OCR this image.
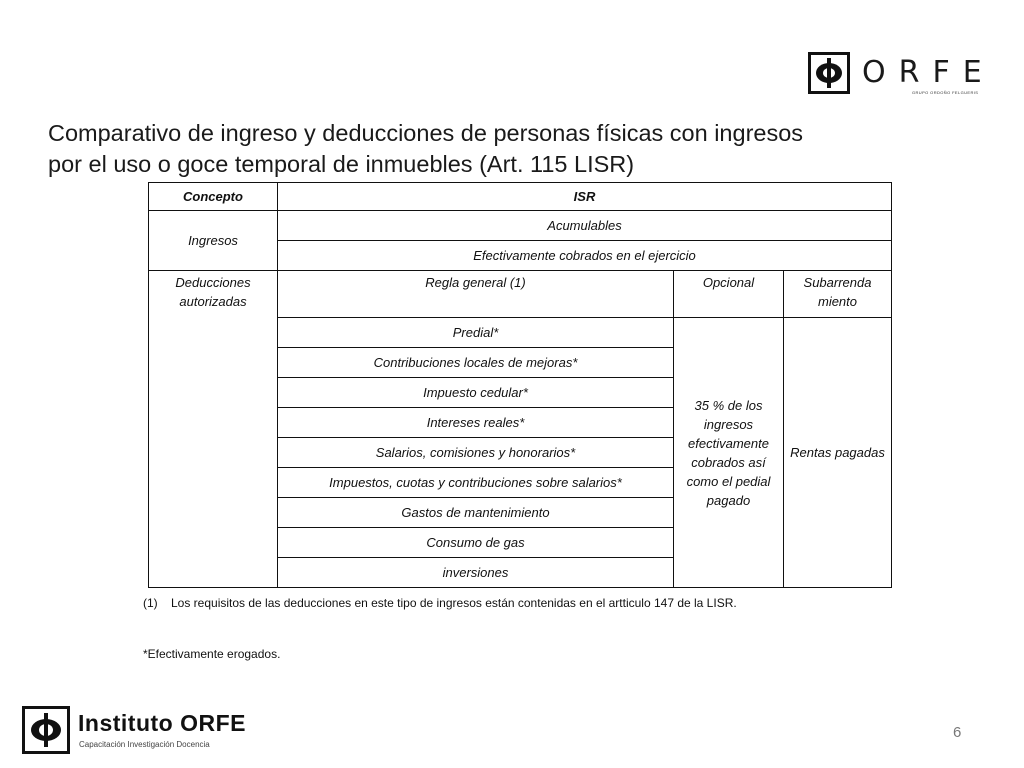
ORFE
GRUPO ORDOÑO FELGUERIS
Comparativo de ingreso y deducciones de personas físicas con ingresos
por el uso o goce temporal de inmuebles (Art. 115 LISR)
Concepto	ISR		
Ingresos	Acumulables		
	Efectivamente cobrados en el ejercicio		
Deducciones autorizadas	Regla general (1)	Opcional	Subarrenda miento
	Predial*	35 % de los ingresos efectivamente cobrados así como el pedial pagado	Rentas pagadas
	Contribuciones locales de mejoras*		
	Impuesto cedular*		
	Intereses reales*		
	Salarios, comisiones y honorarios*		
	Impuestos, cuotas y contribuciones sobre salarios*		
	Gastos de mantenimiento		
	Consumo de gas		
	inversiones		
(1) Los requisitos de las deducciones en este tipo de ingresos están contenidas en el artticulo 147 de la LISR.
*Efectivamente erogados.
Instituto ORFE
Capacitación Investigación Docencia
6
